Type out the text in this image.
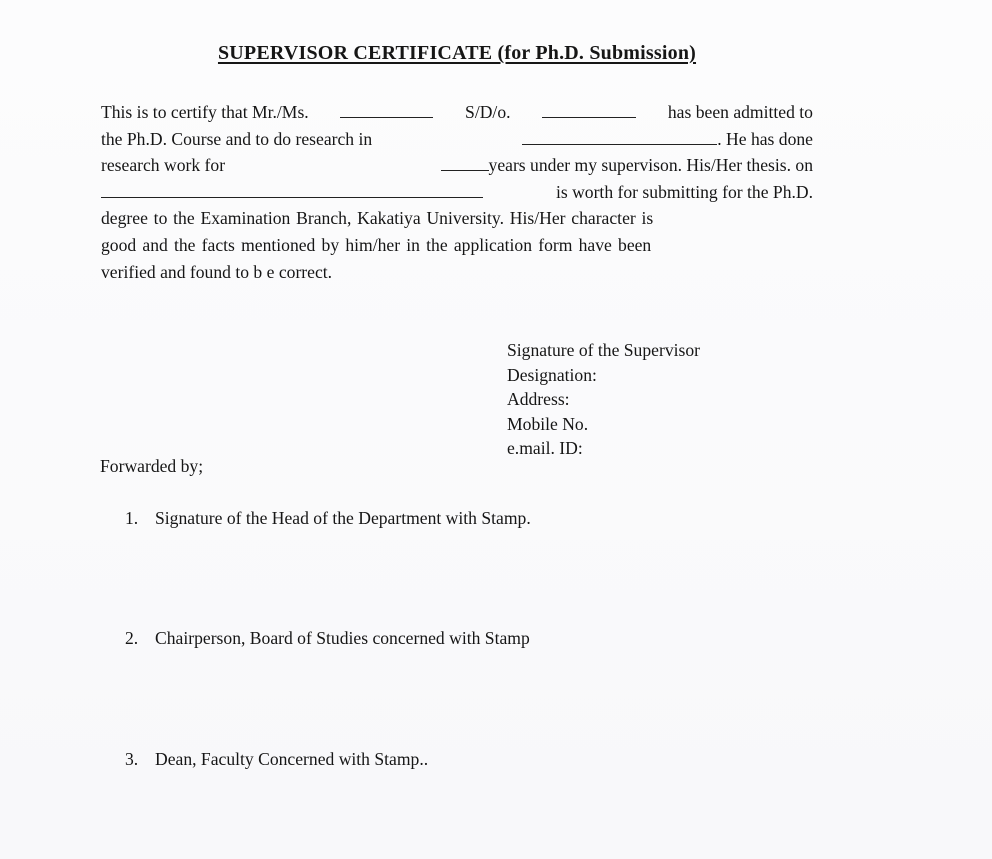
SUPERVISOR CERTIFICATE (for Ph.D. Submission)
This is to certify that Mr./Ms.	S/D/o.	has been admitted to
the Ph.D. Course and to do research in	. He has done
research work for	years under my supervison. His/Her thesis. on
is worth for submitting for the Ph.D.
degree to the Examination Branch, Kakatiya University. His/Her character is
good and the facts mentioned by him/her in the application form have been
verified and found to b e correct.
Signature of the Supervisor
Designation:
Address:
Mobile No.
e.mail. ID:
Forwarded by;
1. Signature of the Head of the Department with Stamp.
2. Chairperson, Board of Studies concerned with Stamp
3. Dean, Faculty Concerned with Stamp..
